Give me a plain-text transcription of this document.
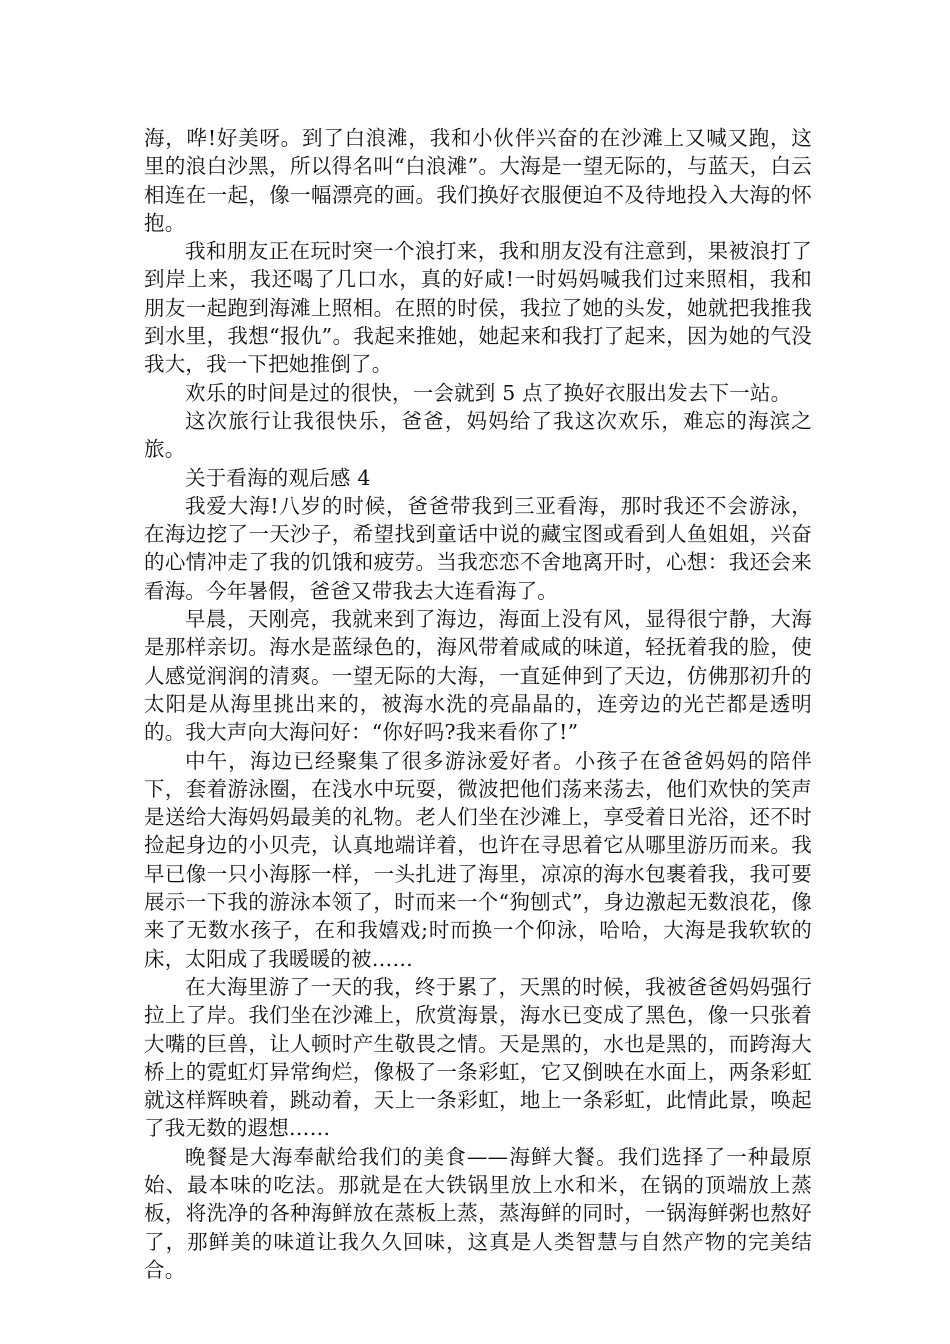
海，哗!好美呀。到了白浪滩，我和小伙伴兴奋的在沙滩上又喊又跑，这里的浪白沙黑，所以得名叫“白浪滩”。大海是一望无际的，与蓝天，白云相连在一起，像一幅漂亮的画。我们换好衣服便迫不及待地投入大海的怀抱。

我和朋友正在玩时突一个浪打来，我和朋友没有注意到，果被浪打了到岸上来，我还喝了几口水，真的好咸!一时妈妈喊我们过来照相，我和朋友一起跑到海滩上照相。在照的时侯，我拉了她的头发，她就把我推我到水里，我想“报仇”。我起来推她，她起来和我打了起来，因为她的气没我大，我一下把她推倒了。

欢乐的时间是过的很快，一会就到 5 点了换好衣服出发去下一站。

这次旅行让我很快乐，爸爸，妈妈给了我这次欢乐，难忘的海滨之旅。

关于看海的观后感 4

我爱大海!八岁的时候，爸爸带我到三亚看海，那时我还不会游泳，在海边挖了一天沙子，希望找到童话中说的藏宝图或看到人鱼姐姐，兴奋的心情冲走了我的饥饿和疲劳。当我恋恋不舍地离开时，心想：我还会来看海。今年暑假，爸爸又带我去大连看海了。

早晨，天刚亮，我就来到了海边，海面上没有风，显得很宁静，大海是那样亲切。海水是蓝绿色的，海风带着咸咸的味道，轻抚着我的脸，使人感觉润润的清爽。一望无际的大海，一直延伸到了天边，仿佛那初升的太阳是从海里挑出来的，被海水洗的亮晶晶的，连旁边的光芒都是透明的。我大声向大海问好：“你好吗?我来看你了!”

中午，海边已经聚集了很多游泳爱好者。小孩子在爸爸妈妈的陪伴下，套着游泳圈，在浅水中玩耍，微波把他们荡来荡去，他们欢快的笑声是送给大海妈妈最美的礼物。老人们坐在沙滩上，享受着日光浴，还不时捡起身边的小贝壳，认真地端详着，也许在寻思着它从哪里游历而来。我早已像一只小海豚一样，一头扎进了海里，凉凉的海水包裹着我，我可要展示一下我的游泳本领了，时而来一个“狗刨式”，身边激起无数浪花，像来了无数水孩子，在和我嬉戏;时而换一个仰泳，哈哈，大海是我软软的床，太阳成了我暖暖的被……

在大海里游了一天的我，终于累了，天黑的时候，我被爸爸妈妈强行拉上了岸。我们坐在沙滩上，欣赏海景，海水已变成了黑色，像一只张着大嘴的巨兽，让人顿时产生敬畏之情。天是黑的，水也是黑的，而跨海大桥上的霓虹灯异常绚烂，像极了一条彩虹，它又倒映在水面上，两条彩虹就这样辉映着，跳动着，天上一条彩虹，地上一条彩虹，此情此景，唤起了我无数的遐想……

晚餐是大海奉献给我们的美食——海鲜大餐。我们选择了一种最原始、最本味的吃法。那就是在大铁锅里放上水和米，在锅的顶端放上蒸板，将洗净的各种海鲜放在蒸板上蒸，蒸海鲜的同时，一锅海鲜粥也熬好了，那鲜美的味道让我久久回味，这真是人类智慧与自然产物的完美结合。
